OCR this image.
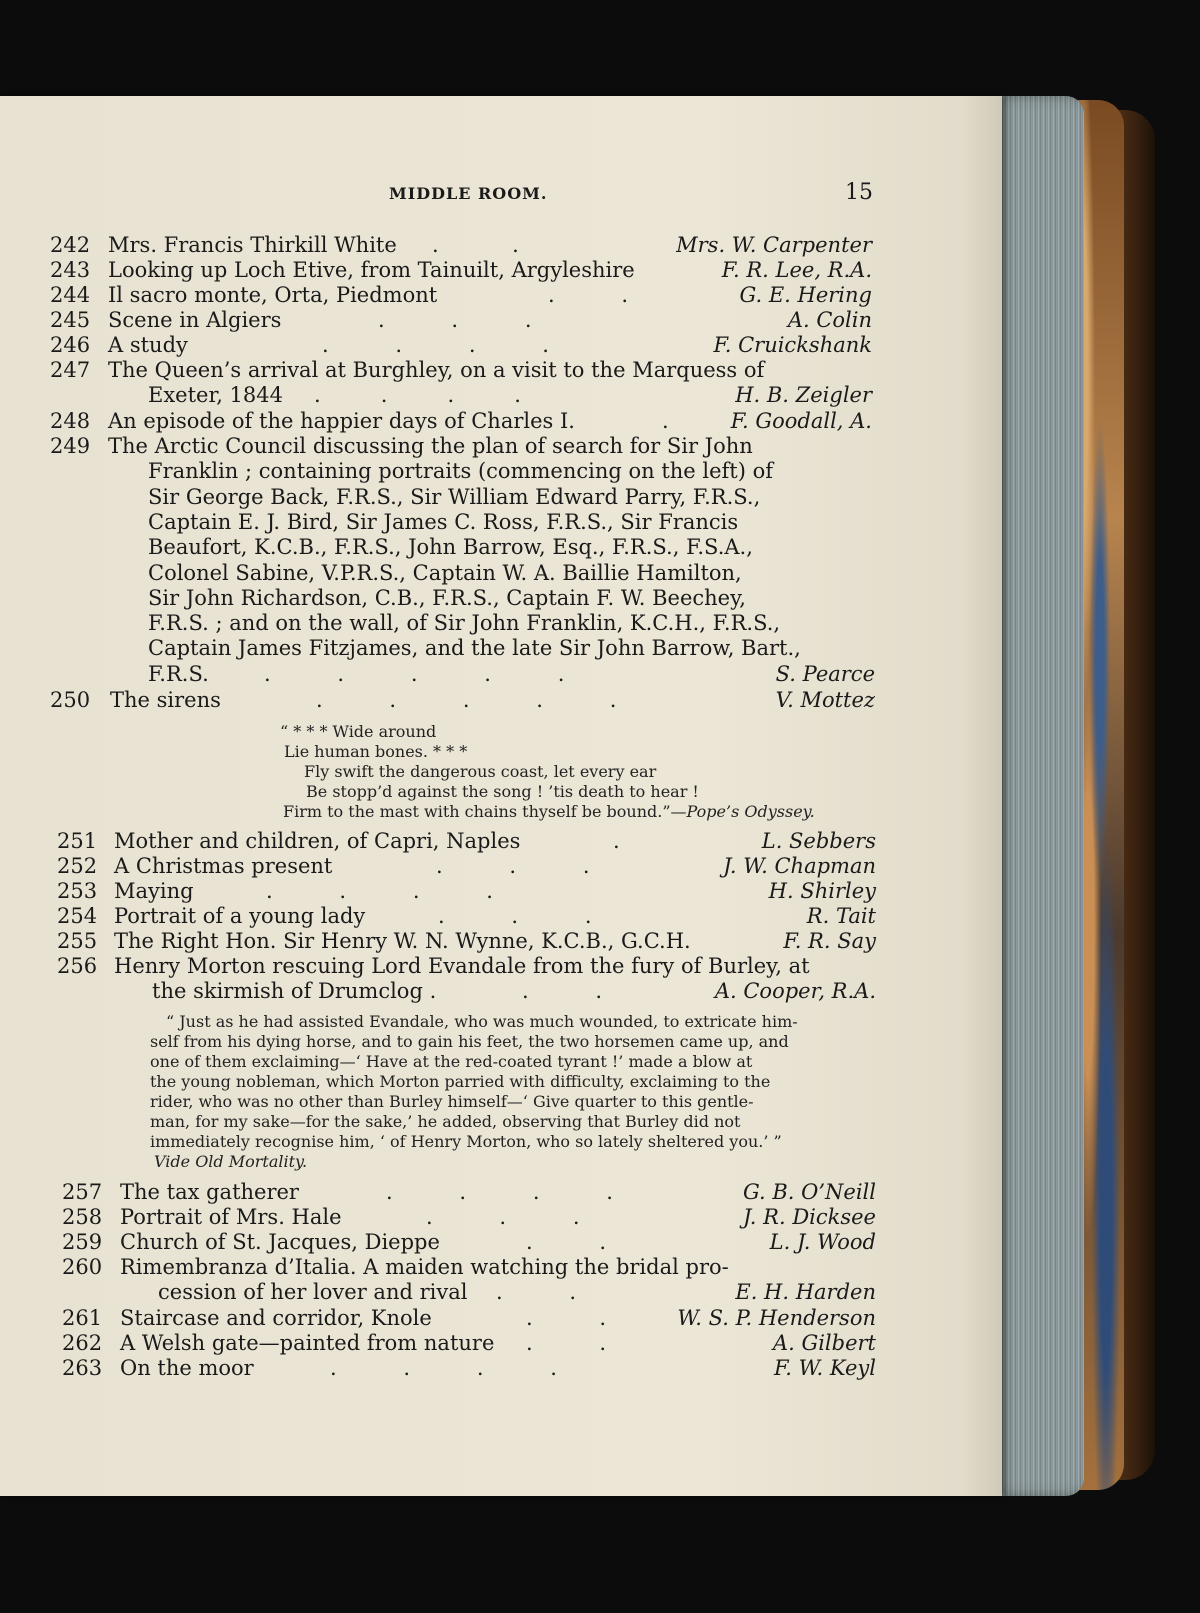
MIDDLE ROOM.	15
242 Mrs. Francis Thirkill White .           .	Mrs. W. Carpenter
243 Looking up Loch Etive, from Tainuilt, Argyleshire	F. R. Lee, R.A.
244 Il sacro monte, Orta, Piedmont	.          .	G. E. Hering
245 Scene in Algiers	.          .          .	A. Colin
246 A study	.          .          .          .	F. Cruickshank
247 The Queen’s arrival at Burghley, on a visit to the Marquess of
Exeter, 1844 .         .         .         .	H. B. Zeigler
248 An episode of the happier days of Charles I.	.	F. Goodall, A.
249 The Arctic Council discussing the plan of search for Sir John
Franklin ; containing portraits (commencing on the left) of
Sir George Back, F.R.S., Sir William Edward Parry, F.R.S.,
Captain E. J. Bird, Sir James C. Ross, F.R.S., Sir Francis
Beaufort, K.C.B., F.R.S., John Barrow, Esq., F.R.S., F.S.A.,
Colonel Sabine, V.P.R.S., Captain W. A. Baillie Hamilton,
Sir John Richardson, C.B., F.R.S., Captain F. W. Beechey,
F.R.S. ; and on the wall, of Sir John Franklin, K.C.H., F.R.S.,
Captain James Fitzjames, and the late Sir John Barrow, Bart.,
F.R.S.	.          .          .          .          .	S. Pearce
250 The sirens	.          .          .          .          .	V. Mottez
251 Mother and children, of Capri, Naples	.	L. Sebbers
252 A Christmas present	.          .          .	J. W. Chapman
253 Maying	.          .          .          .	H. Shirley
254 Portrait of a young lady	.          .          .	R. Tait
255 The Right Hon. Sir Henry W. N. Wynne, K.C.B., G.C.H.	F. R. Say
256 Henry Morton rescuing Lord Evandale from the fury of Burley, at
the skirmish of Drumclog .	.          .	A. Cooper, R.A.
257 The tax gatherer	.          .          .          .	G. B. O’Neill
258 Portrait of Mrs. Hale	.          .          .	J. R. Dicksee
259 Church of St. Jacques, Dieppe	.          .	L. J. Wood
260 Rimembranza d’Italia. A maiden watching the bridal pro-
cession of her lover and rival .          .	E. H. Harden
261 Staircase and corridor, Knole	.          .	W. S. P. Henderson
262 A Welsh gate—painted from nature .          .	A. Gilbert
263 On the moor	.          .          .          .	F. W. Keyl
“ * * * Wide around
Lie human bones. * * *
Fly swift the dangerous coast, let every ear
Be stopp’d against the song ! ’tis death to hear !
Firm to the mast with chains thyself be bound.”—Pope’s Odyssey.
“ Just as he had assisted Evandale, who was much wounded, to extricate him-
self from his dying horse, and to gain his feet, the two horsemen came up, and
one of them exclaiming—‘ Have at the red-coated tyrant !’ made a blow at
the young nobleman, which Morton parried with difficulty, exclaiming to the
rider, who was no other than Burley himself—‘ Give quarter to this gentle-
man, for my sake—for the sake,’ he added, observing that Burley did not
immediately recognise him, ‘ of Henry Morton, who so lately sheltered you.’ ”
Vide Old Mortality.
